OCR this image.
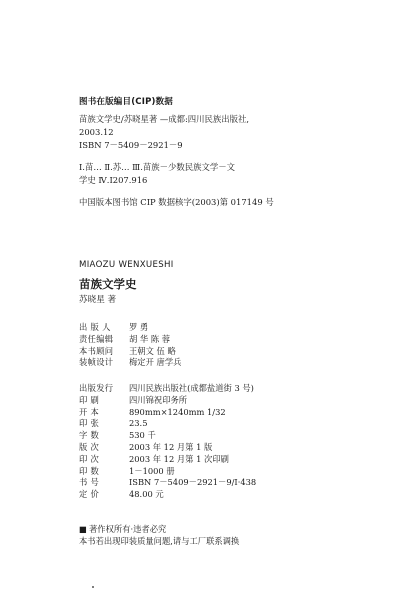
图书在版编目(CIP)数据
苗族文学史/苏晓星著 —成都:四川民族出版社,
2003.12
ISBN 7－5409－2921－9
Ⅰ.苗… Ⅱ.苏… Ⅲ.苗族－少数民族文学－文
学史 Ⅳ.I207.916
中国版本图书馆 CIP 数据核字(2003)第 017149 号
MIAOZU WENXUESHI
苗族文学史
苏晓星 著
出 版 人	罗 勇
责任编辑	胡 华 陈 蓉
本书顾问	王朝文 伍 略
装帧设计	梅定开 唐学兵
出版发行	四川民族出版社(成都盐道街 3 号)
印 刷	四川锦祝印务所
开 本	890mm×1240mm 1/32
印 张	23.5
字 数	530 千
版 次	2003 年 12 月第 1 版
印 次	2003 年 12 月第 1 次印刷
印 数	1－1000 册
书 号	ISBN 7－5409－2921－9/I·438
定 价	48.00 元
■ 著作权所有·违者必究
本书若出现印装质量问题,请与工厂联系调换
